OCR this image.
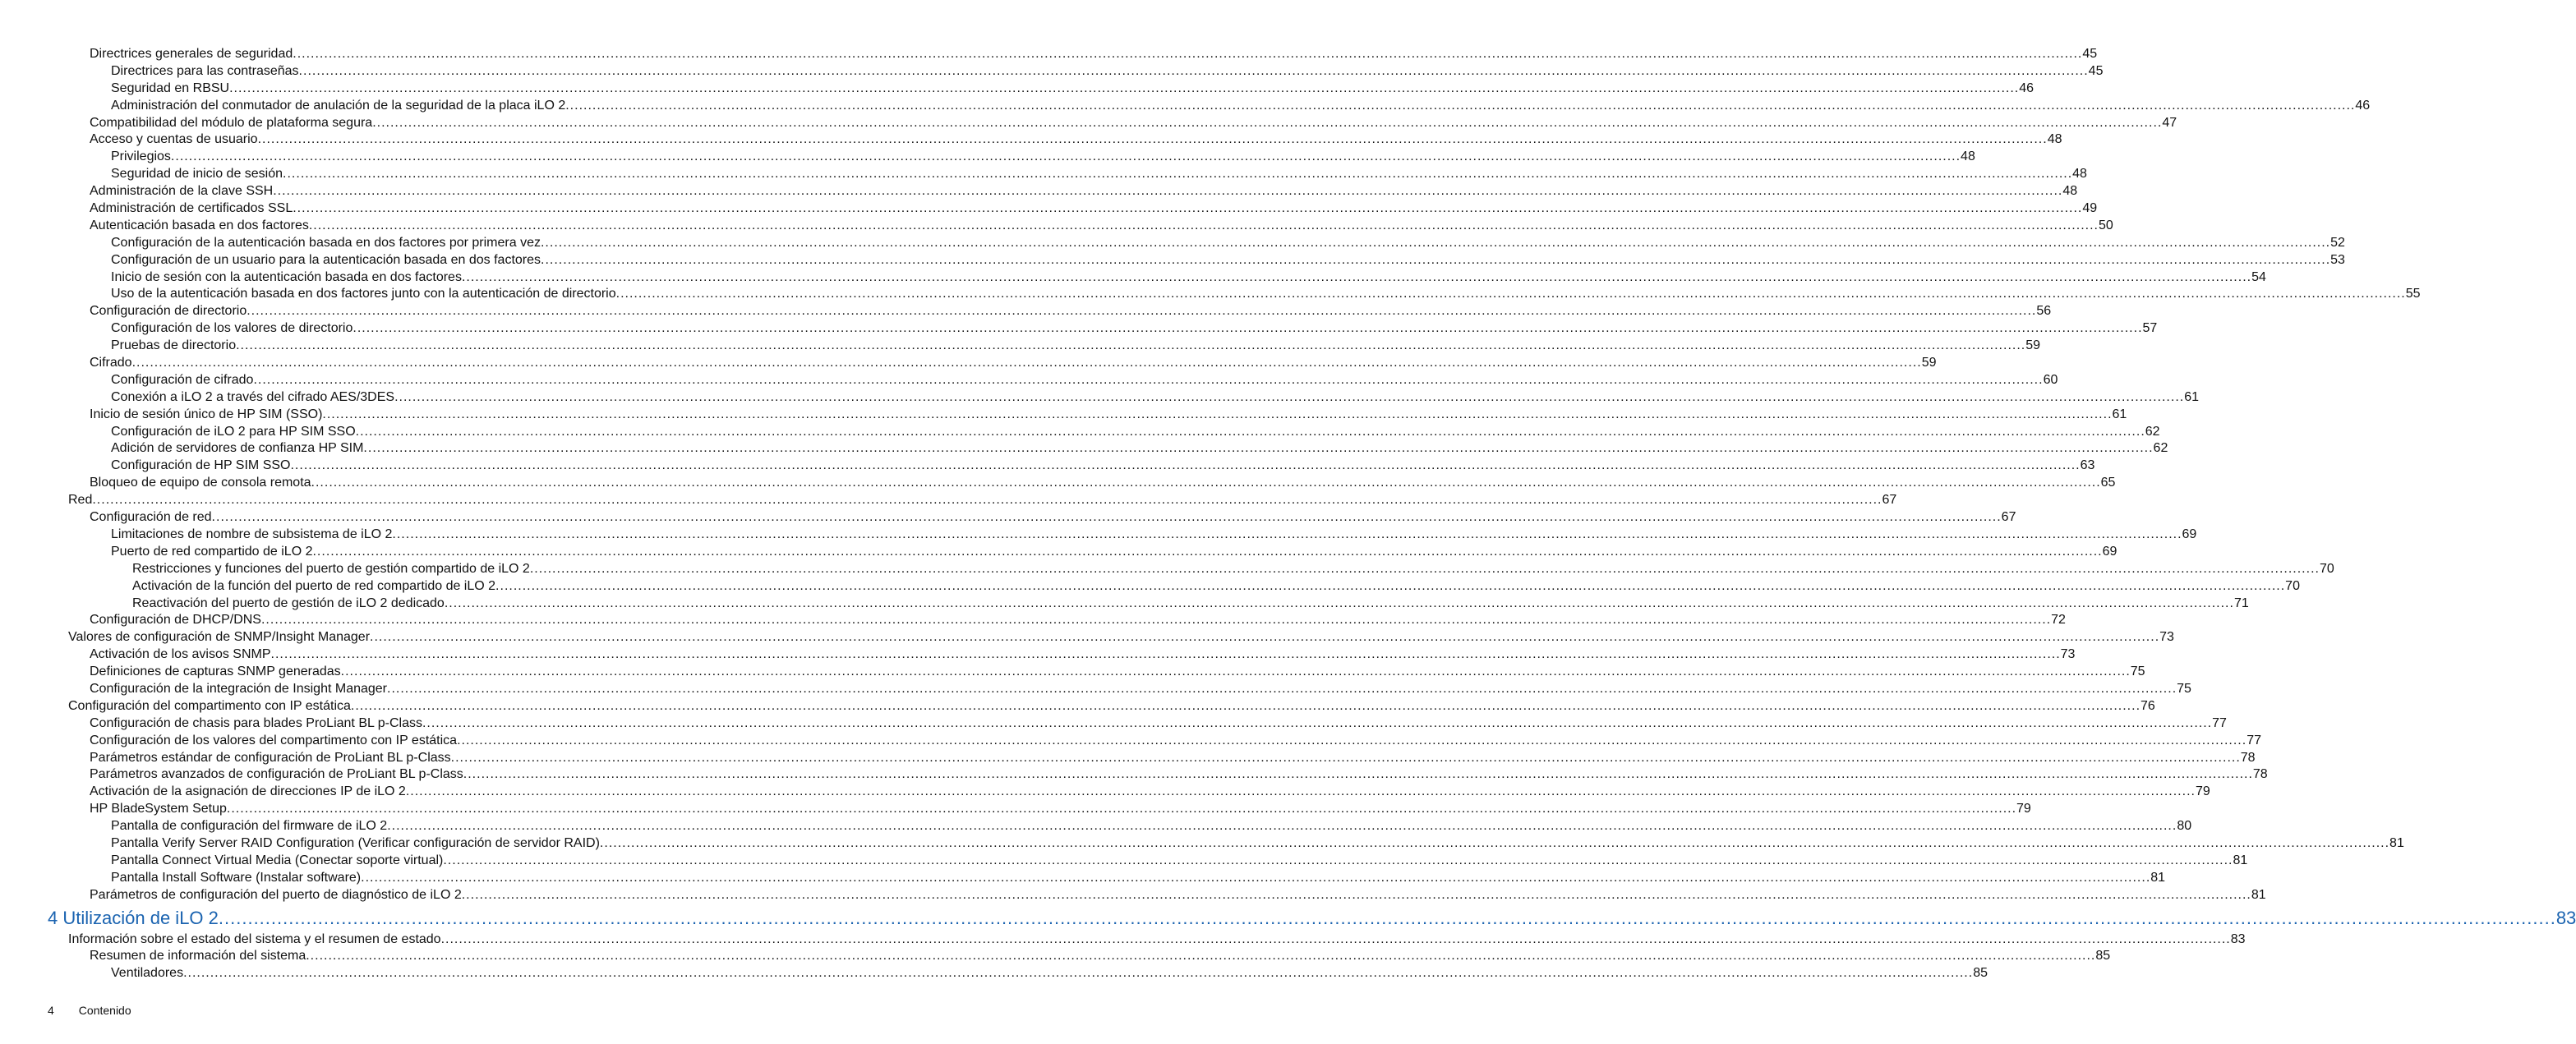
Directrices generales de seguridad ................................................................................................................................................................................................................................................................................................................................................................................................................ 45
Directrices para las contraseñas ................................................................................................................................................................................................................................................................................................................................................................................................................ 45
Seguridad en RBSU ................................................................................................................................................................................................................................................................................................................................................................................................................ 46
Administración del conmutador de anulación de la seguridad de la placa iLO 2 ................................................................................................................................................................................................................................................................................................................................................................................................................ 46
Compatibilidad del módulo de plataforma segura ................................................................................................................................................................................................................................................................................................................................................................................................................ 47
Acceso y cuentas de usuario ................................................................................................................................................................................................................................................................................................................................................................................................................ 48
Privilegios ................................................................................................................................................................................................................................................................................................................................................................................................................ 48
Seguridad de inicio de sesión ................................................................................................................................................................................................................................................................................................................................................................................................................ 48
Administración de la clave SSH ................................................................................................................................................................................................................................................................................................................................................................................................................ 48
Administración de certificados SSL ................................................................................................................................................................................................................................................................................................................................................................................................................ 49
Autenticación basada en dos factores ................................................................................................................................................................................................................................................................................................................................................................................................................ 50
Configuración de la autenticación basada en dos factores por primera vez ................................................................................................................................................................................................................................................................................................................................................................................................................ 52
Configuración de un usuario para la autenticación basada en dos factores ................................................................................................................................................................................................................................................................................................................................................................................................................ 53
Inicio de sesión con la autenticación basada en dos factores ................................................................................................................................................................................................................................................................................................................................................................................................................ 54
Uso de la autenticación basada en dos factores junto con la autenticación de directorio ................................................................................................................................................................................................................................................................................................................................................................................................................ 55
Configuración de directorio ................................................................................................................................................................................................................................................................................................................................................................................................................ 56
Configuración de los valores de directorio ................................................................................................................................................................................................................................................................................................................................................................................................................ 57
Pruebas de directorio ................................................................................................................................................................................................................................................................................................................................................................................................................ 59
Cifrado ................................................................................................................................................................................................................................................................................................................................................................................................................ 59
Configuración de cifrado ................................................................................................................................................................................................................................................................................................................................................................................................................ 60
Conexión a iLO 2 a través del cifrado AES/3DES ................................................................................................................................................................................................................................................................................................................................................................................................................ 61
Inicio de sesión único de HP SIM (SSO) ................................................................................................................................................................................................................................................................................................................................................................................................................ 61
Configuración de iLO 2 para HP SIM SSO ................................................................................................................................................................................................................................................................................................................................................................................................................ 62
Adición de servidores de confianza HP SIM ................................................................................................................................................................................................................................................................................................................................................................................................................ 62
Configuración de HP SIM SSO ................................................................................................................................................................................................................................................................................................................................................................................................................ 63
Bloqueo de equipo de consola remota ................................................................................................................................................................................................................................................................................................................................................................................................................ 65
Red ................................................................................................................................................................................................................................................................................................................................................................................................................ 67
Configuración de red ................................................................................................................................................................................................................................................................................................................................................................................................................ 67
Limitaciones de nombre de subsistema de iLO 2 ................................................................................................................................................................................................................................................................................................................................................................................................................ 69
Puerto de red compartido de iLO 2 ................................................................................................................................................................................................................................................................................................................................................................................................................ 69
Restricciones y funciones del puerto de gestión compartido de iLO 2 ................................................................................................................................................................................................................................................................................................................................................................................................................ 70
Activación de la función del puerto de red compartido de iLO 2 ................................................................................................................................................................................................................................................................................................................................................................................................................ 70
Reactivación del puerto de gestión de iLO 2 dedicado ................................................................................................................................................................................................................................................................................................................................................................................................................ 71
Configuración de DHCP/DNS ................................................................................................................................................................................................................................................................................................................................................................................................................ 72
Valores de configuración de SNMP/Insight Manager ................................................................................................................................................................................................................................................................................................................................................................................................................ 73
Activación de los avisos SNMP ................................................................................................................................................................................................................................................................................................................................................................................................................ 73
Definiciones de capturas SNMP generadas ................................................................................................................................................................................................................................................................................................................................................................................................................ 75
Configuración de la integración de Insight Manager ................................................................................................................................................................................................................................................................................................................................................................................................................ 75
Configuración del compartimento con IP estática ................................................................................................................................................................................................................................................................................................................................................................................................................ 76
Configuración de chasis para blades ProLiant BL p-Class ................................................................................................................................................................................................................................................................................................................................................................................................................ 77
Configuración de los valores del compartimento con IP estática ................................................................................................................................................................................................................................................................................................................................................................................................................ 77
Parámetros estándar de configuración de ProLiant BL p-Class ................................................................................................................................................................................................................................................................................................................................................................................................................ 78
Parámetros avanzados de configuración de ProLiant BL p-Class ................................................................................................................................................................................................................................................................................................................................................................................................................ 78
Activación de la asignación de direcciones IP de iLO 2 ................................................................................................................................................................................................................................................................................................................................................................................................................ 79
HP BladeSystem Setup ................................................................................................................................................................................................................................................................................................................................................................................................................ 79
Pantalla de configuración del firmware de iLO 2 ................................................................................................................................................................................................................................................................................................................................................................................................................ 80
Pantalla Verify Server RAID Configuration (Verificar configuración de servidor RAID) ................................................................................................................................................................................................................................................................................................................................................................................................................ 81
Pantalla Connect Virtual Media (Conectar soporte virtual) ................................................................................................................................................................................................................................................................................................................................................................................................................ 81
Pantalla Install Software (Instalar software) ................................................................................................................................................................................................................................................................................................................................................................................................................ 81
Parámetros de configuración del puerto de diagnóstico de iLO 2 ................................................................................................................................................................................................................................................................................................................................................................................................................ 81
4 Utilización de iLO 2 ................................................................................................................................................................................................................................................................................................................................................................................................................ 83
Información sobre el estado del sistema y el resumen de estado ................................................................................................................................................................................................................................................................................................................................................................................................................ 83
Resumen de información del sistema ................................................................................................................................................................................................................................................................................................................................................................................................................ 85
Ventiladores ................................................................................................................................................................................................................................................................................................................................................................................................................ 85
4 Contenido
